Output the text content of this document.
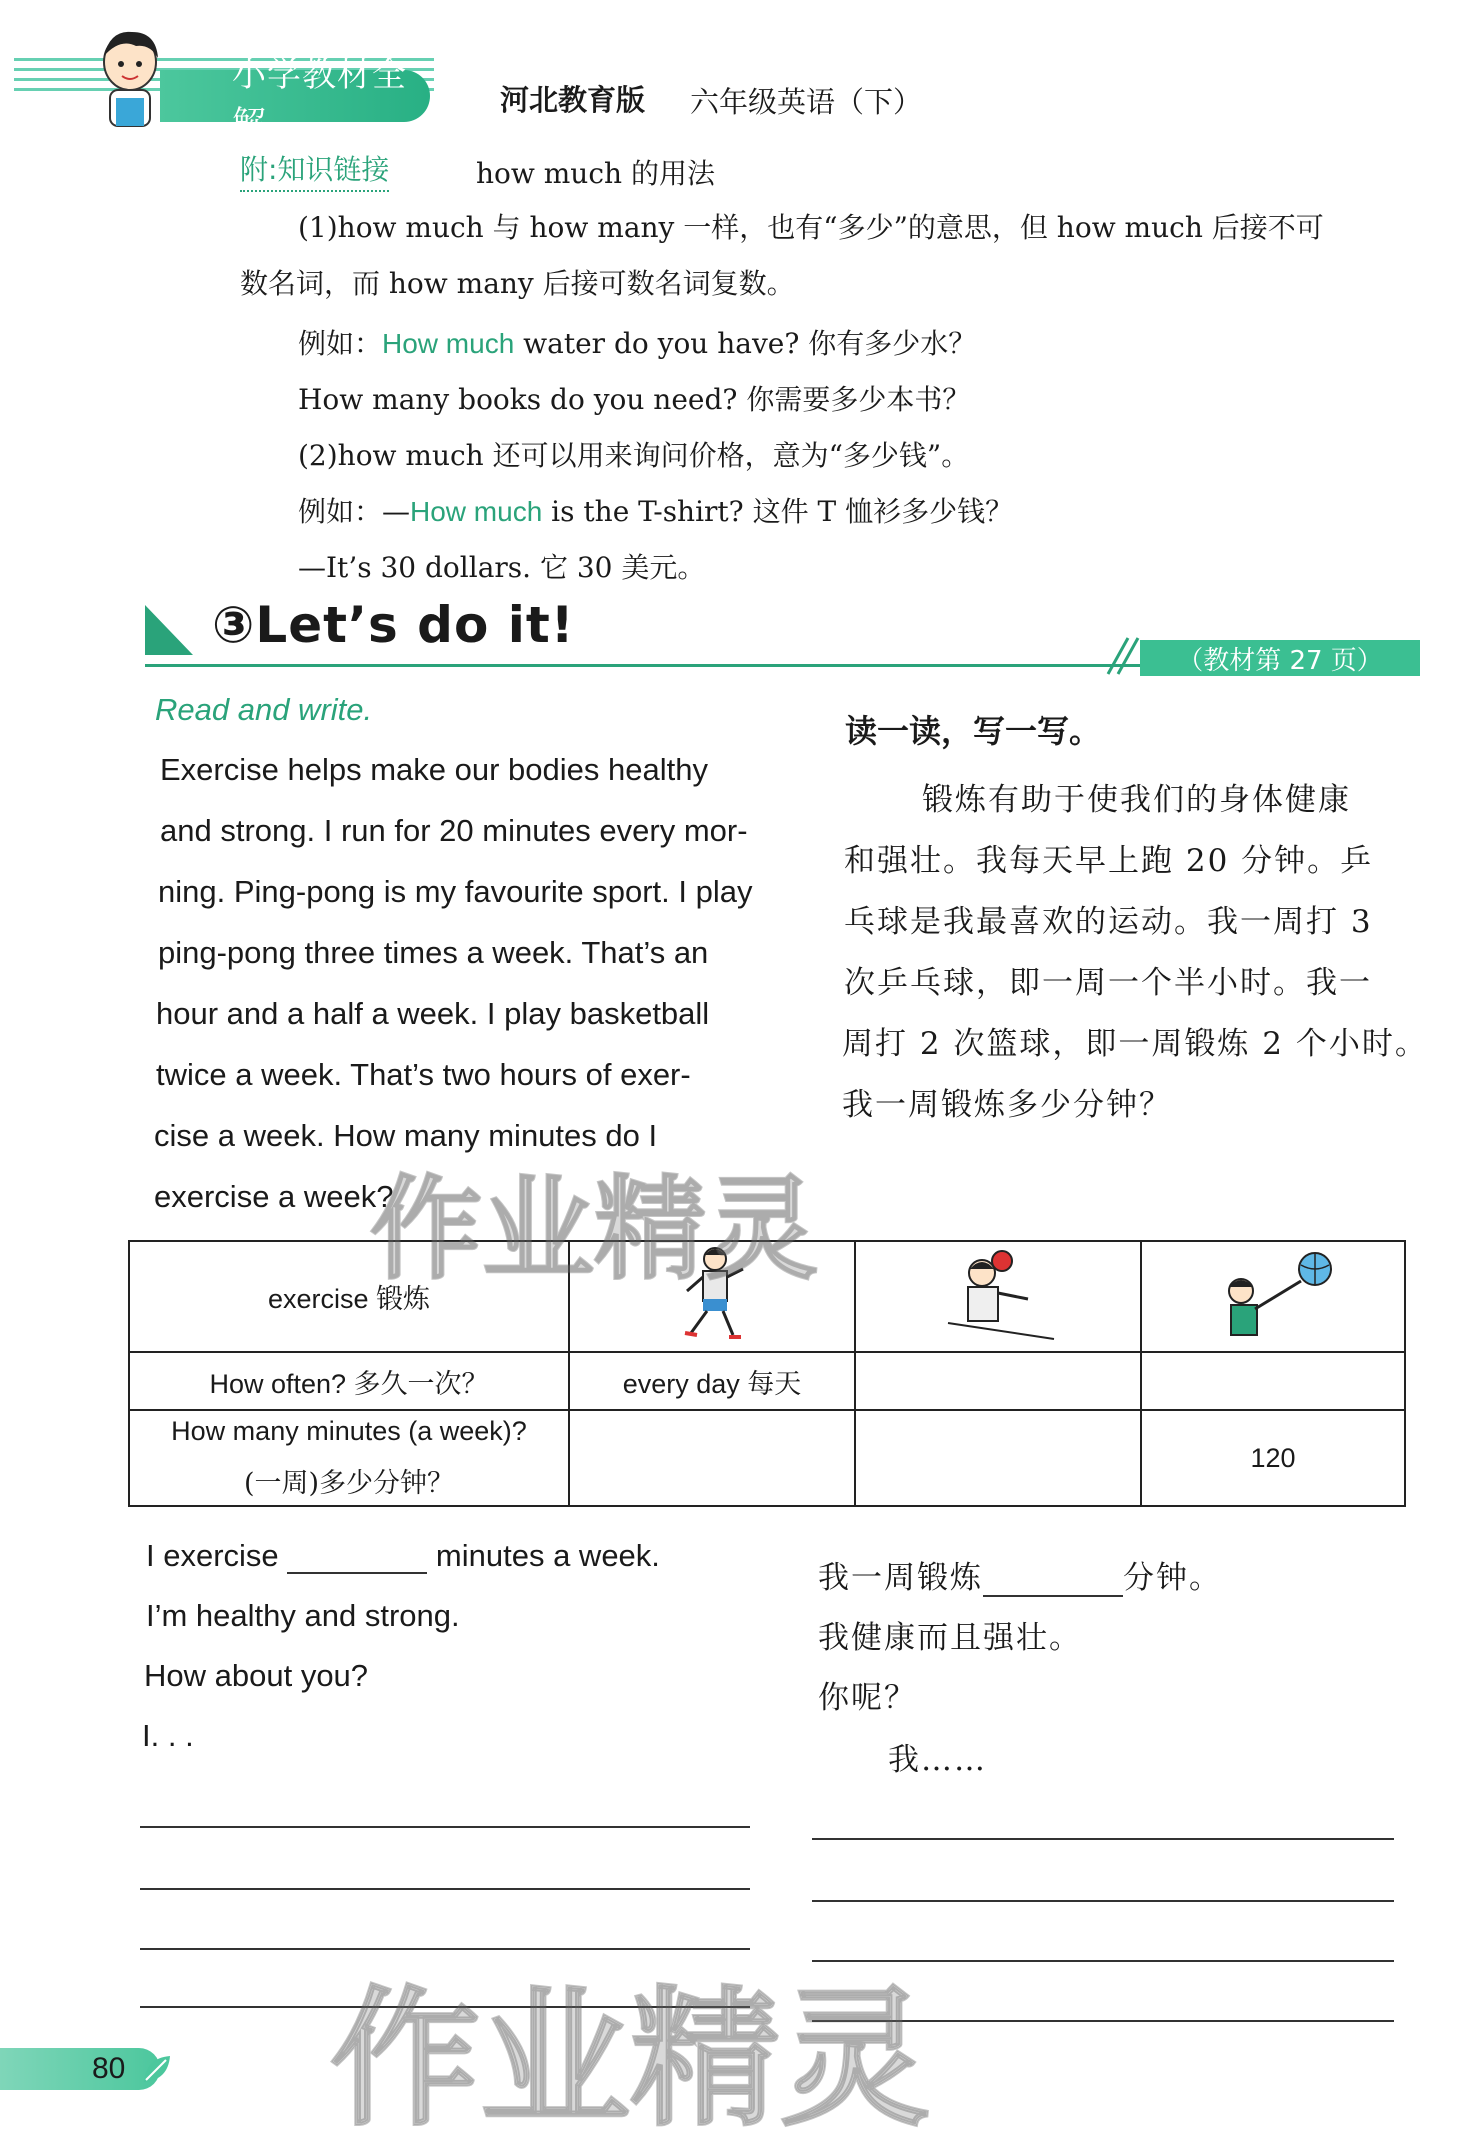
小学教材全解
河北教育版 六年级英语（下）
附:知识链接	how much 的用法
(1)how much 与 how many 一样，也有“多少”的意思，但 how much 后接不可
数名词，而 how many 后接可数名词复数。
例如：How much water do you have? 你有多少水？
How many books do you need? 你需要多少本书？
(2)how much 还可以用来询问价格，意为“多少钱”。
例如：—How much is the T-shirt? 这件 T 恤衫多少钱？
—It’s 30 dollars. 它 30 美元。
③Let’s do it!
（教材第 27 页）
Read and write.
Exercise helps make our bodies healthy
and strong. I run for 20 minutes every mor-
ning. Ping-pong is my favourite sport. I play
ping-pong three times a week. That’s an
hour and a half a week. I play basketball
twice a week. That’s two hours of exer-
cise a week. How many minutes do I
exercise a week?
读一读，写一写。
锻炼有助于使我们的身体健康
和强壮。我每天早上跑 20 分钟。乒
乓球是我最喜欢的运动。我一周打 3
次乒乓球，即一周一个半小时。我一
周打 2 次篮球，即一周锻炼 2 个小时。
我一周锻炼多少分钟？
exercise 锻炼			
How often? 多久一次？	every day 每天		

How many minutes (a week)?
(一周)多少分钟？			120
I exercise	minutes a week.
I’m healthy and strong.
How about you?
I. . .
我一周锻炼	分钟。
我健康而且强壮。
你呢？
我……
作业精灵
作业精灵
80
